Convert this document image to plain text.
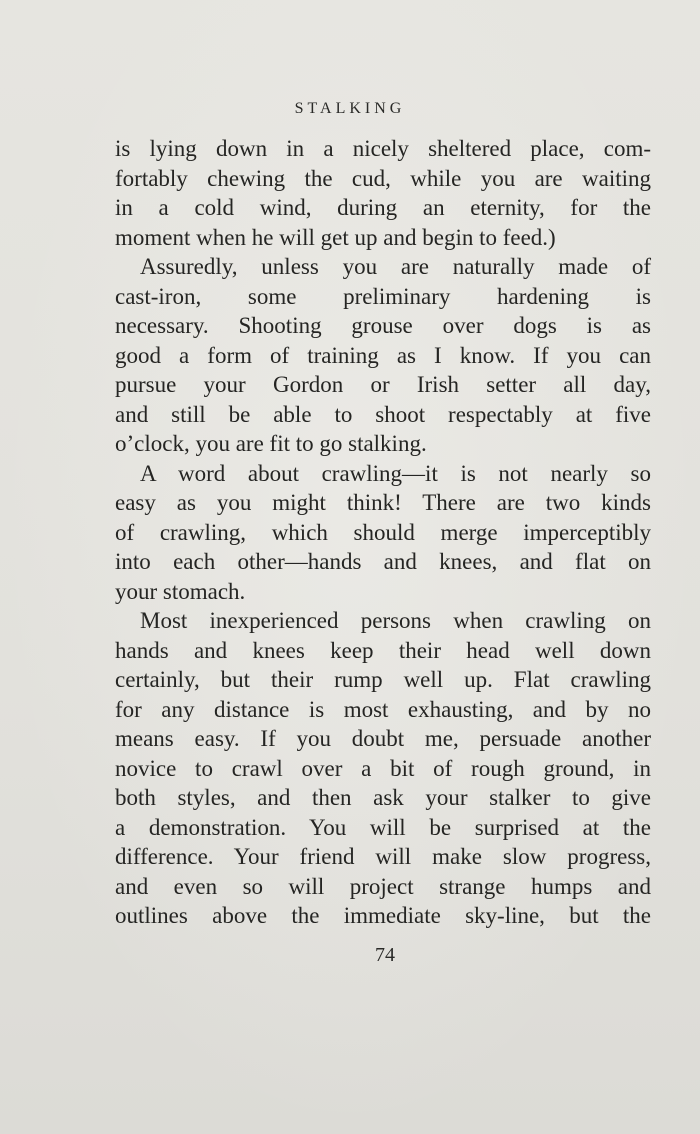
STALKING
is lying down in a nicely sheltered place, com-
fortably chewing the cud, while you are waiting
in a cold wind, during an eternity, for the
moment when he will get up and begin to feed.)
Assuredly, unless you are naturally made of
cast-iron, some preliminary hardening is
necessary. Shooting grouse over dogs is as
good a form of training as I know. If you can
pursue your Gordon or Irish setter all day,
and still be able to shoot respectably at five
o’clock, you are fit to go stalking.
A word about crawling—it is not nearly so
easy as you might think! There are two kinds
of crawling, which should merge imperceptibly
into each other—hands and knees, and flat on
your stomach.
Most inexperienced persons when crawling on
hands and knees keep their head well down
certainly, but their rump well up. Flat crawling
for any distance is most exhausting, and by no
means easy. If you doubt me, persuade another
novice to crawl over a bit of rough ground, in
both styles, and then ask your stalker to give
a demonstration. You will be surprised at the
difference. Your friend will make slow progress,
and even so will project strange humps and
outlines above the immediate sky-line, but the
74
